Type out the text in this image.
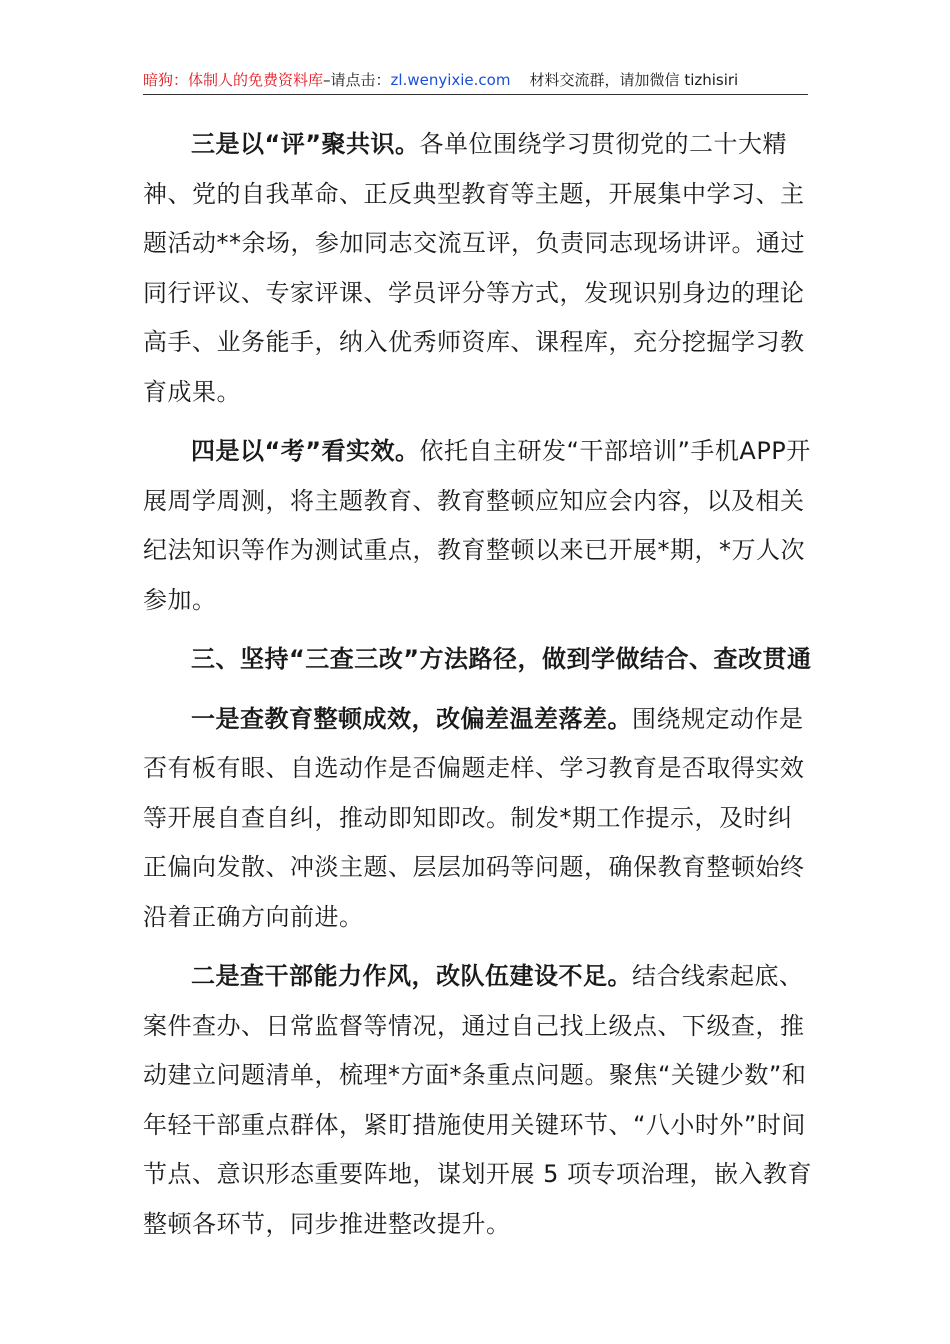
暗狗：体制人的免费资料库–请点击：zl.wenyixie.com 材料交流群，请加微信 tizhisiri

三是以“评”聚共识。各单位围绕学习贯彻党的二十大精神、党的自我革命、正反典型教育等主题，开展集中学习、主题活动**余场，参加同志交流互评，负责同志现场讲评。通过同行评议、专家评课、学员评分等方式，发现识别身边的理论高手、业务能手，纳入优秀师资库、课程库，充分挖掘学习教育成果。

四是以“考”看实效。依托自主研发“干部培训”手机APP开展周学周测，将主题教育、教育整顿应知应会内容，以及相关纪法知识等作为测试重点，教育整顿以来已开展*期，*万人次参加。

三、坚持“三查三改”方法路径，做到学做结合、查改贯通

一是查教育整顿成效，改偏差温差落差。围绕规定动作是否有板有眼、自选动作是否偏题走样、学习教育是否取得实效等开展自查自纠，推动即知即改。制发*期工作提示，及时纠正偏向发散、冲淡主题、层层加码等问题，确保教育整顿始终沿着正确方向前进。

二是查干部能力作风，改队伍建设不足。结合线索起底、案件查办、日常监督等情况，通过自己找上级点、下级查，推动建立问题清单，梳理*方面*条重点问题。聚焦“关键少数”和年轻干部重点群体，紧盯措施使用关键环节、“八小时外”时间节点、意识形态重要阵地，谋划开展 5 项专项治理，嵌入教育整顿各环节，同步推进整改提升。
